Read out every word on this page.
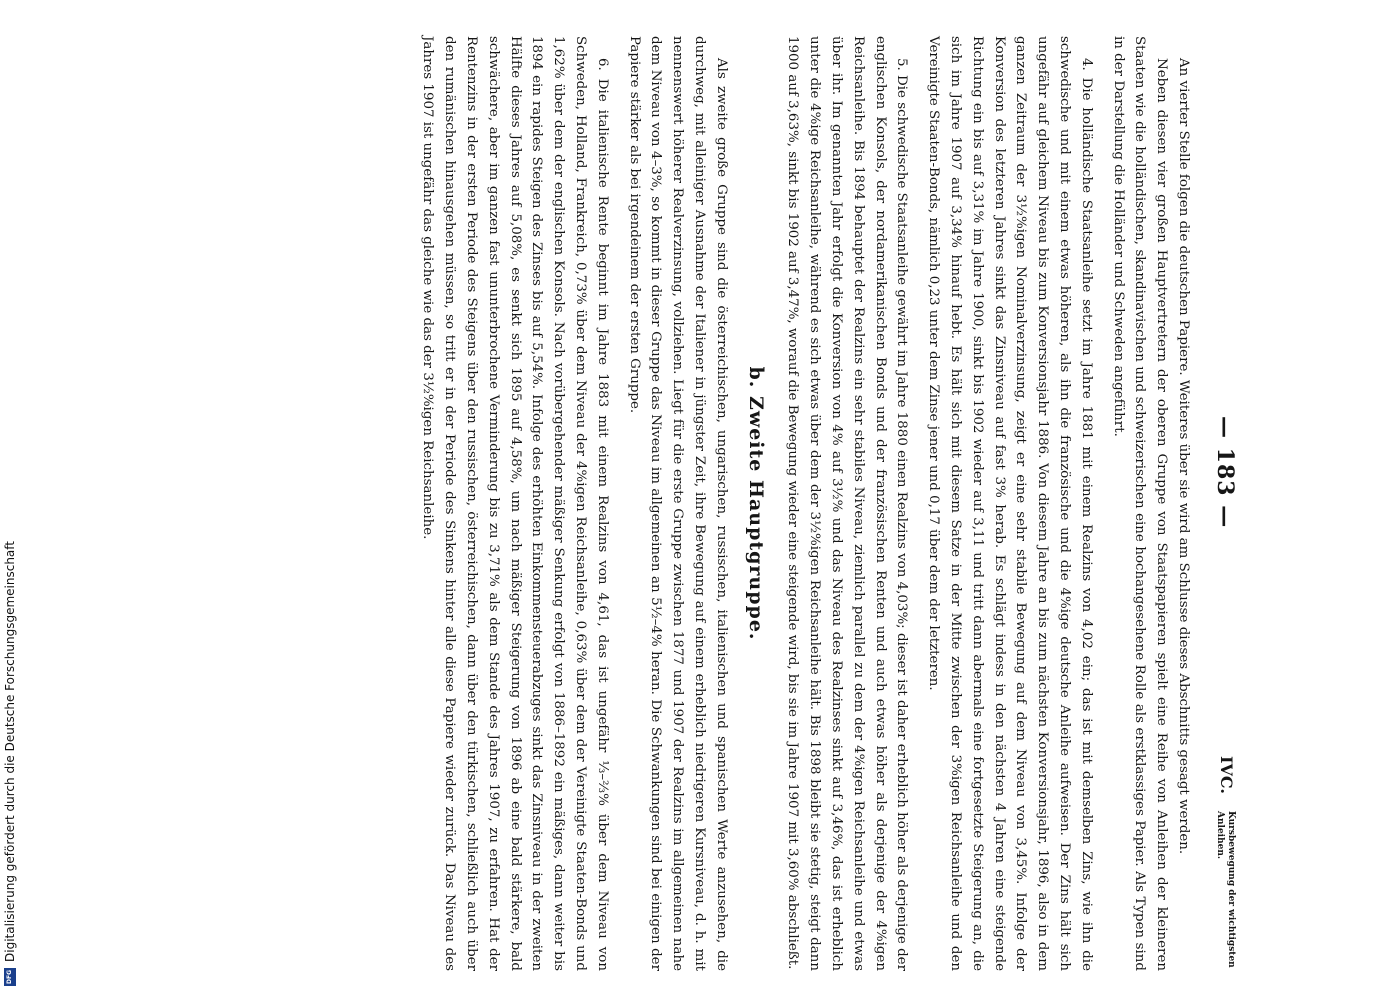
— 183 —
IVC.
Kursbewegung der wichtigsten Anleihen.

An vierter Stelle folgen die deutschen Papiere. Weiteres über sie wird am Schlusse dieses Abschnitts gesagt werden.

Neben diesen vier großen Hauptvertretern der oberen Gruppe von Staatspapieren spielt eine Reihe von Anleihen der kleineren Staaten wie die holländischen, skandinavischen und schweizerischen eine hochangesehene Rolle als erstklassiges Papier. Als Typen sind in der Darstellung die Holländer und Schweden angeführt.

4. Die holländische Staatsanleihe setzt im Jahre 1881 mit einem Realzins von 4,02 ein; das ist mit demselben Zins, wie ihn die schwedische und mit einem etwas höheren, als ihn die französische und die 4%ige deutsche Anleihe aufweisen. Der Zins hält sich ungefähr auf gleichem Niveau bis zum Konversionsjahr 1886. Von diesem Jahre an bis zum nächsten Konversionsjahr, 1896, also in dem ganzen Zeitraum der 3½%igen Nominalverzinsung, zeigt er eine sehr stabile Bewegung auf dem Niveau von 3,45%. Infolge der Konversion des letzteren Jahres sinkt das Zinsniveau auf fast 3% herab. Es schlägt indess in den nächsten 4 Jahren eine steigende Richtung ein bis auf 3,31% im Jahre 1900, sinkt bis 1902 wieder auf 3,11 und tritt dann abermals eine fortgesetzte Steigerung an, die sich im Jahre 1907 auf 3,34% hinauf hebt. Es hält sich mit diesem Satze in der Mitte zwischen der 3%igen Reichsanleihe und den Vereinigte Staaten-Bonds, nämlich 0,23 unter dem Zinse jener und 0,17 über dem der letzteren.

5. Die schwedische Staatsanleihe gewährt im Jahre 1880 einen Realzins von 4,03%; dieser ist daher erheblich höher als derjenige der englischen Konsols, der nordamerikanischen Bonds und der französischen Renten und auch etwas höher als derjenige der 4%igen Reichsanleihe. Bis 1894 behauptet der Realzins ein sehr stabiles Niveau, ziemlich parallel zu dem der 4%igen Reichsanleihe und etwas über ihr. Im genannten Jahr erfolgt die Konversion von 4% auf 3½% und das Niveau des Realzinses sinkt auf 3,46%, das ist erheblich unter die 4%ige Reichsanleihe, während es sich etwas über dem der 3½%igen Reichsanleihe hält. Bis 1898 bleibt sie stetig, steigt dann 1900 auf 3,63%, sinkt bis 1902 auf 3,47%, worauf die Bewegung wieder eine steigende wird, bis sie im Jahre 1907 mit 3,60% abschließt.

b. Zweite Hauptgruppe.

Als zweite große Gruppe sind die österreichischen, ungarischen, russischen, italienischen und spanischen Werte anzusehen, die durchweg, mit alleiniger Ausnahme der Italiener in jüngster Zeit, ihre Bewegung auf einem erheblich niedrigeren Kursniveau, d. h. mit nennenswert höherer Realverzinsung, vollziehen. Liegt für die erste Gruppe zwischen 1877 und 1907 der Realzins im allgemeinen nahe dem Niveau von 4–3%, so kommt in dieser Gruppe das Niveau im allgemeinen an 5½–4% heran. Die Schwankungen sind bei einigen der Papiere stärker als bei irgendeinem der ersten Gruppe.

6. Die italienische Rente beginnt im Jahre 1883 mit einem Realzins von 4,61, das ist ungefähr ⅓–⅔% über dem Niveau von Schweden, Holland, Frankreich, 0,73% über dem Niveau der 4%igen Reichsanleihe, 0,63% über dem der Vereinigte Staaten-Bonds und 1,62% über dem der englischen Konsols. Nach vorübergehender mäßiger Senkung erfolgt von 1886–1892 ein mäßiges, dann weiter bis 1894 ein rapides Steigen des Zinses bis auf 5,54%. Infolge des erhöhten Einkommensteuerabzuges sinkt das Zinsniveau in der zweiten Hälfte dieses Jahres auf 5,08%, es senkt sich 1895 auf 4,58%, um nach mäßiger Steigerung von 1896 ab eine bald stärkere, bald schwächere, aber im ganzen fast ununterbrochene Verminderung bis zu 3,71% als dem Stande des Jahres 1907, zu erfahren. Hat der Rentenzins in der ersten Periode des Steigens über den russischen, österreichischen, dann über den türkischen, schließlich auch über den rumänischen hinausgehen müssen, so tritt er in der Periode des Sinkens hinter alle diese Papiere wieder zurück. Das Niveau des Jahres 1907 ist ungefähr das gleiche wie das der 3½%igen Reichsanleihe.

DFG
Digitalisierung gefördert durch die Deutsche Forschungsgemeinschaft
